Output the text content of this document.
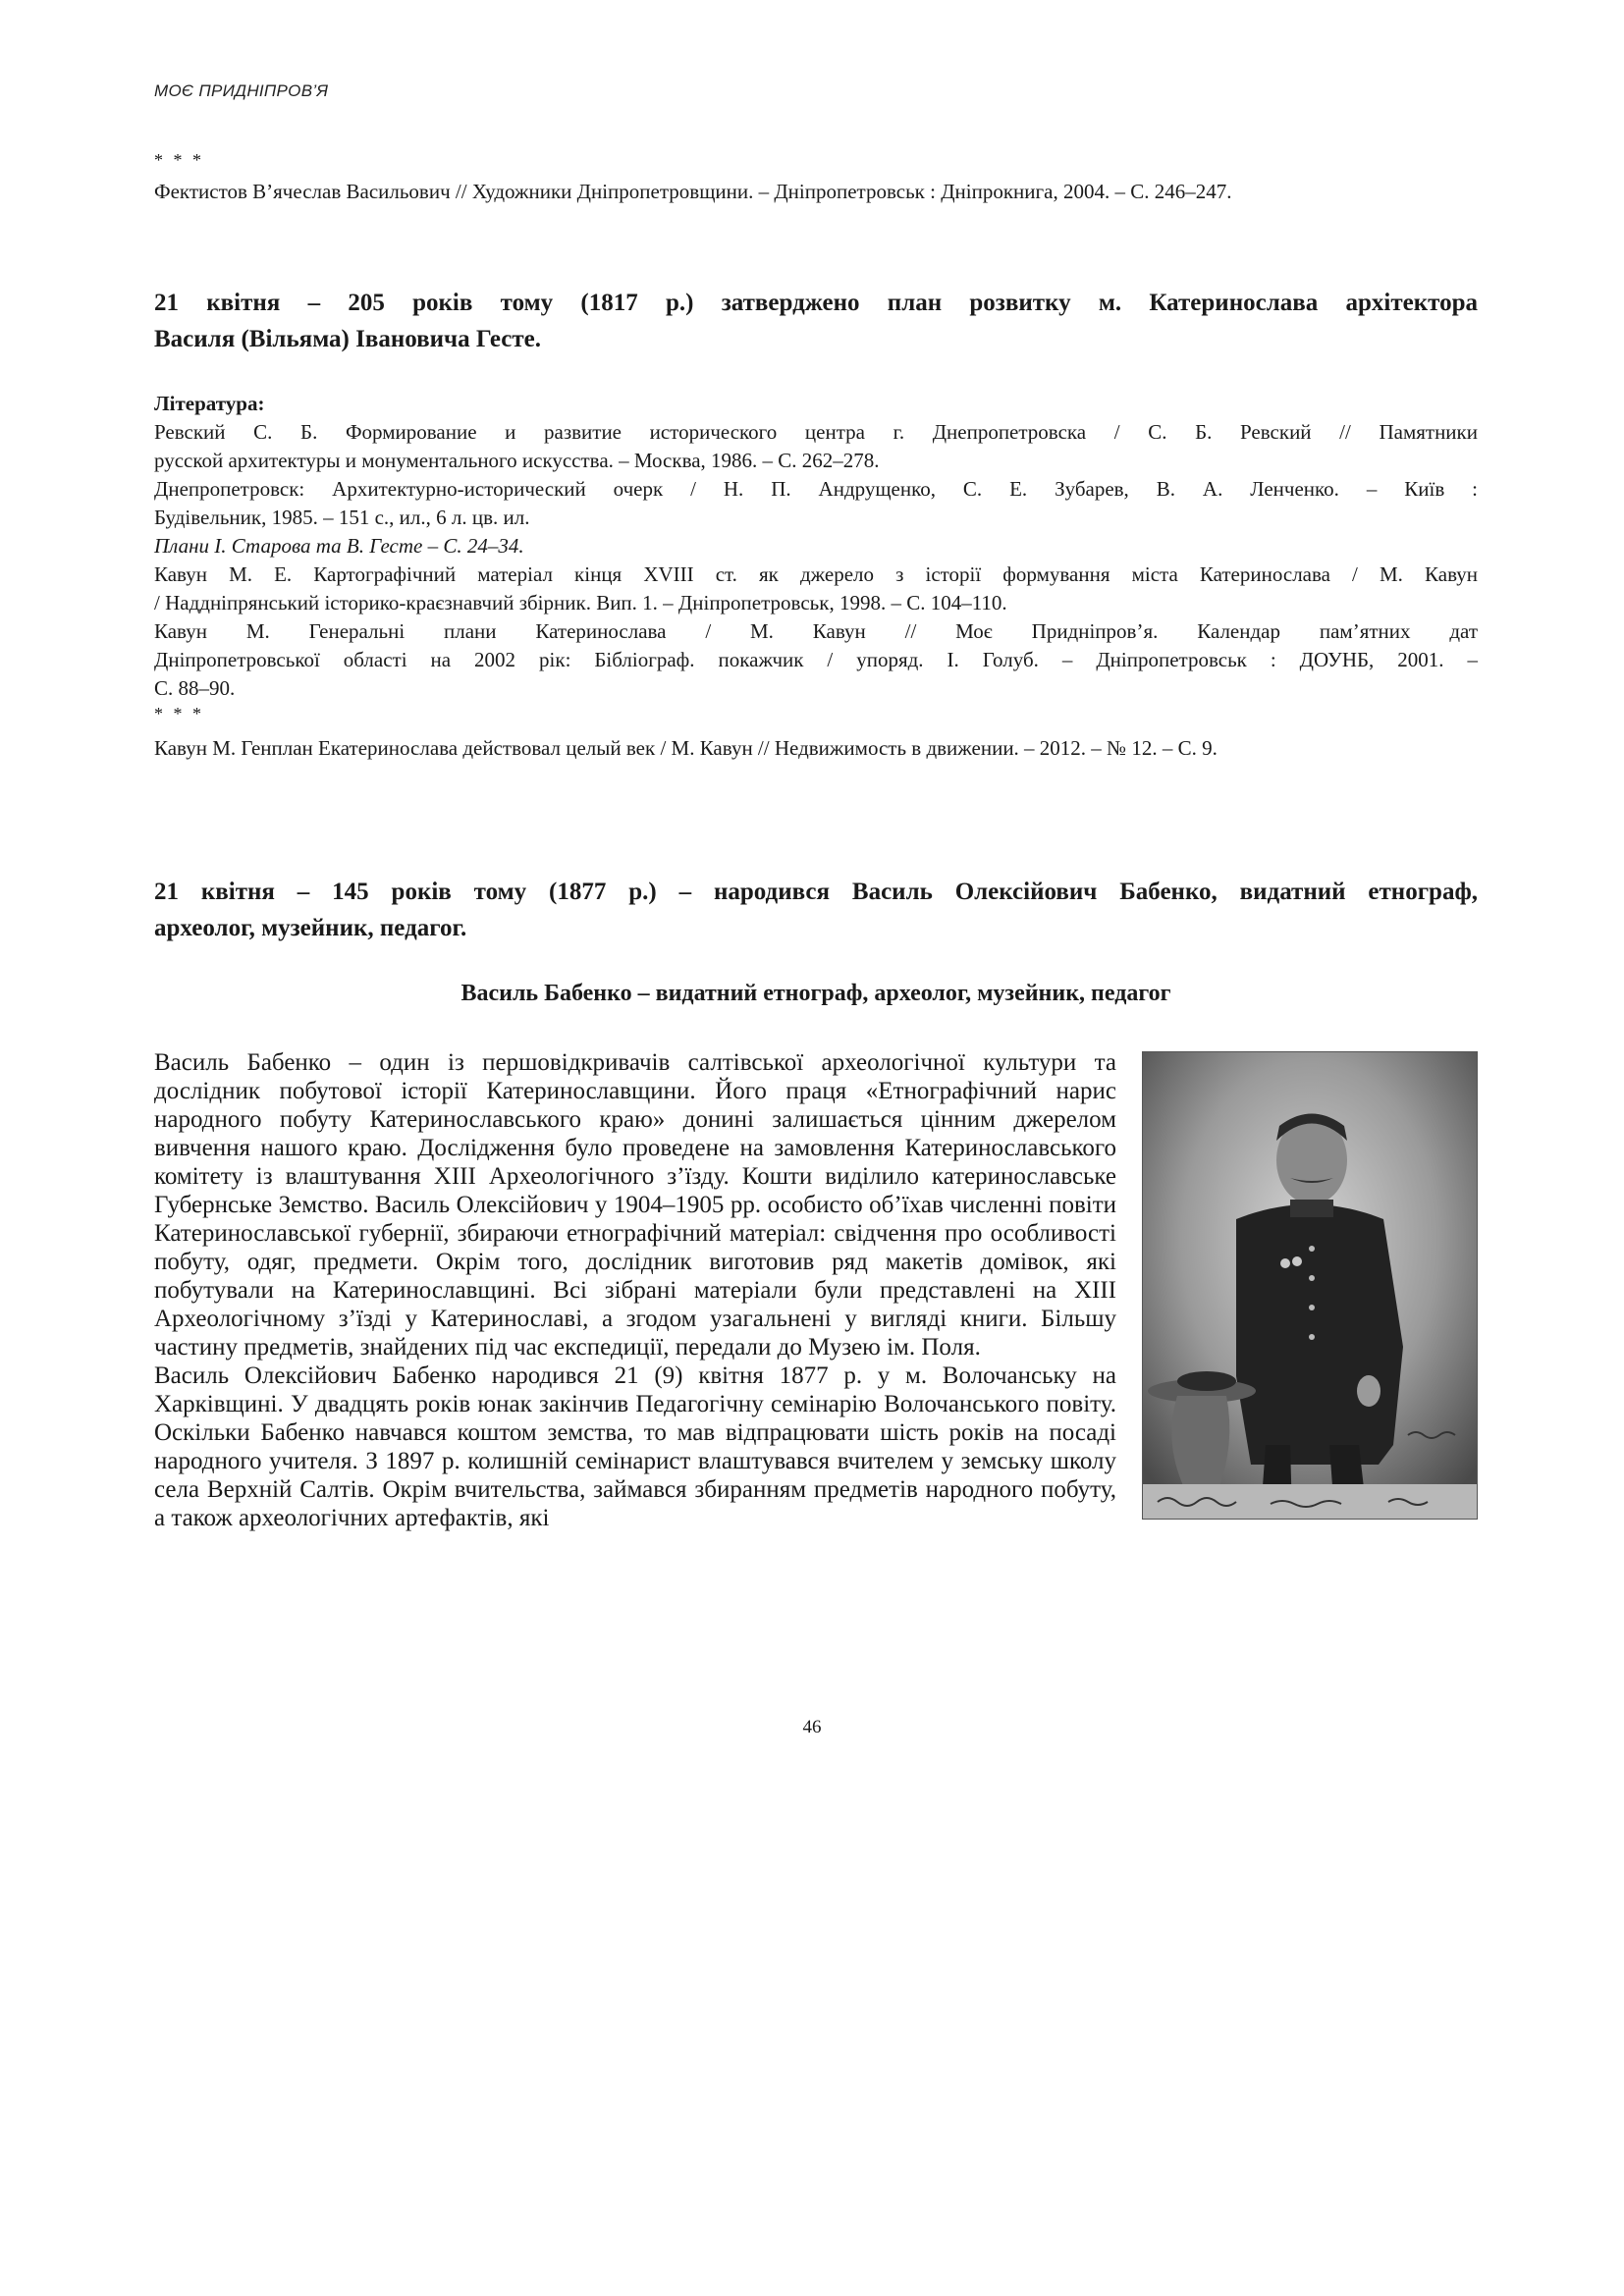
МОЄ ПРИДНІПРОВ’Я
* * *

Фектистов В’ячеслав Васильович // Художники Дніпропетровщини. – Дніпропетровськ : Дніпрокнига, 2004. – С. 246–247.

21 квітня – 205 років тому (1817 р.) затверджено план розвитку м. Катеринослава архітектора

Василя (Вільяма) Івановича Гесте.

Література:

Ревский С. Б. Формирование и развитие исторического центра г. Днепропетровска / С. Б. Ревский // Памятники

русской архитектуры и монументального искусства. – Москва, 1986. – С. 262–278.

Днепропетровск: Архитектурно-исторический очерк / Н. П. Андрущенко, С. Е. Зубарев, В. А. Ленченко. – Київ :

Будівельник, 1985. – 151 с., ил., 6 л. цв. ил.

Плани І. Старова та В. Гесте – С. 24–34.

Кавун М. Е. Картографічний матеріал кінця XVIII ст. як джерело з історії формування міста Катеринослава / М. Кавун

/ Наддніпрянський історико-краєзнавчий збірник. Вип. 1. – Дніпропетровськ, 1998. – С. 104–110.

Кавун М. Генеральні плани Катеринослава / М. Кавун // Моє Придніпров’я. Календар пам’ятних дат

Дніпропетровської області на 2002 рік: Бібліограф. покажчик / упоряд. І. Голуб. – Дніпропетровськ : ДОУНБ, 2001. –

С. 88–90.

* * *

Кавун М. Генплан Екатеринослава действовал целый век / М. Кавун // Недвижимость в движении. – 2012. – № 12. – С. 9.

21 квітня – 145 років тому (1877 р.) – народився Василь Олексійович Бабенко, видатний етнограф,

археолог, музейник, педагог.

Василь Бабенко – видатний етнограф, археолог, музейник, педагог

Василь Бабенко – один із першовідкривачів салтівської археологічної культури та дослідник побутової історії Катеринославщини. Його праця «Етнографічний нарис народного побуту Катеринославського краю» донині залишається цінним джерелом вивчення нашого краю. Дослідження було проведене на замовлення Катеринославського комітету із влаштування XIII Археологічного з’їзду. Кошти виділило катеринославське Губернське Земство. Василь Олексійович у 1904–1905 рр. особисто об’їхав численні повіти Катеринославської губернії, збираючи етнографічний матеріал: свідчення про особливості побуту, одяг, предмети. Окрім того, дослідник виготовив ряд макетів домівок, які побутували на Катеринославщині. Всі зібрані матеріали були представлені на XIII Археологічному з’їзді у Катеринославі, а згодом узагальнені у вигляді книги. Більшу частину предметів, знайдених під час експедиції, передали до Музею ім. Поля.

Василь Олексійович Бабенко народився 21 (9) квітня 1877 р. у м. Волочанську на Харківщині. У двадцять років юнак закінчив Педагогічну семінарію Волочанського повіту. Оскільки Бабенко навчався коштом земства, то мав відпрацювати шість років на посаді народного учителя. З 1897 р. колишній семінарист влаштувався вчителем у земську школу села Верхній Салтів. Окрім вчительства, займався збиранням предметів народного побуту, а також археологічних артефактів, які

46
